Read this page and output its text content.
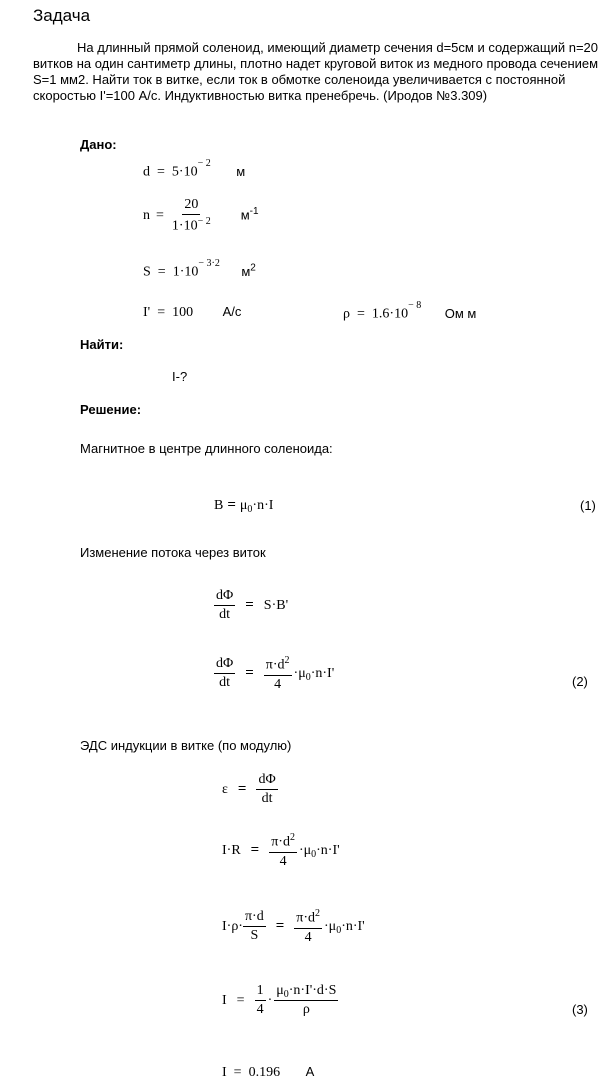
Задача
На длинный прямой соленоид, имеющий диаметр сечения d=5см и содержащий n=20 витков на один сантиметр длины, плотно надет круговой виток из медного провода сечением S=1 мм2. Найти ток в витке, если ток в обмотке соленоида увеличивается с постоянной скоростью I'=100 А/с. Индуктивностью витка пренебречь. (Иродов №3.309)
Дано:
$d = 5\cdot 10^{- 2}$ м
$n = \frac{20}{1\cdot 10^{- 2}} м^{-1}$
$S = 1\cdot 10^{- 3\cdot 2}$ $м^2$
I' = 100 А/с	$\rho = 1.6\cdot 10^{- 8}$ Ом м
Найти:
I-?
Решение:
Магнитное в центре длинного соленоида:
$B = \mu_0\cdot n\cdot I$	(1)
Изменение потока через виток
$\frac{d\Phi}{dt} = S\cdot B'$
$\frac{d\Phi}{dt} = \frac{\pi\cdot d^2}{4} \cdot\mu_0\cdot n\cdot I'$
(2)
ЭДС индукции в витке (по модулю)
$\varepsilon = \frac{d\Phi}{dt}$
$I\cdot R = \frac{\pi\cdot d^2}{4} \cdot\mu_0\cdot n\cdot I'$
$I\cdot\rho\cdot \frac{\pi\cdot d}{S} = \frac{\pi\cdot d^2}{4} \cdot\mu_0\cdot n\cdot I'$
$I = \frac{1}{4} \cdot \frac{\mu_0\cdot n\cdot I'\cdot d\cdot S}{\rho}$	(3)
I = 0.196 А
